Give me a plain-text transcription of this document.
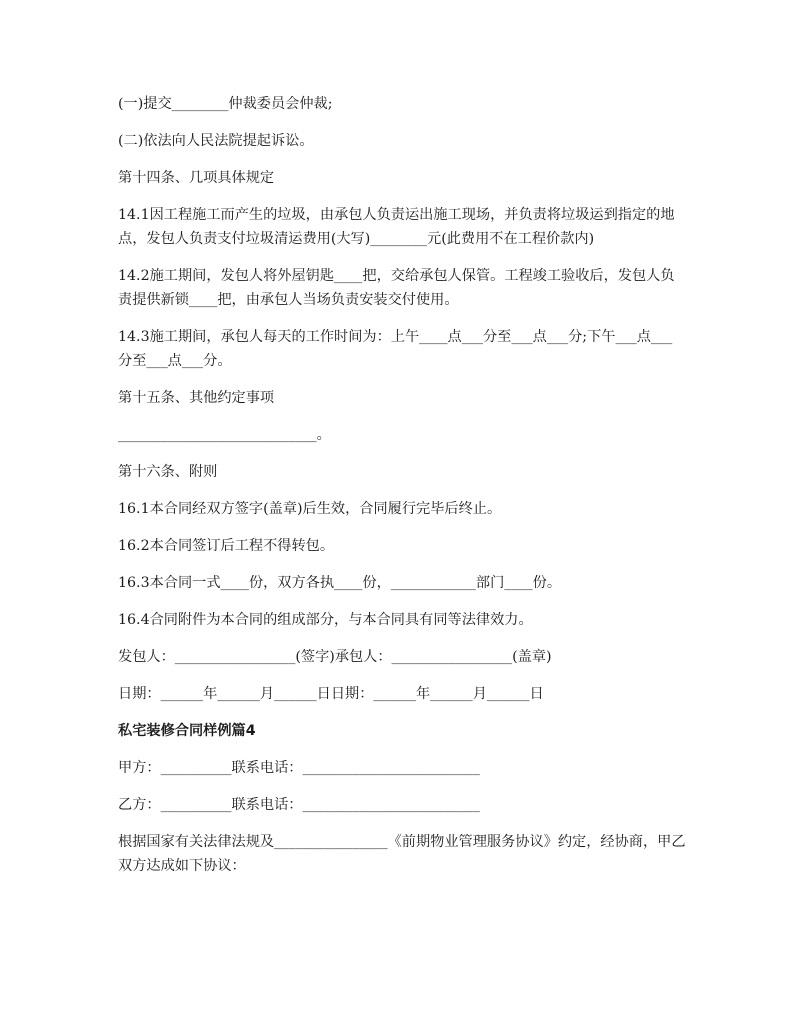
(一)提交________仲裁委员会仲裁;

(二)依法向人民法院提起诉讼。

第十四条、几项具体规定

14.1因工程施工而产生的垃圾，由承包人负责运出施工现场，并负责将垃圾运到指定的地点，发包人负责支付垃圾清运费用(大写)________元(此费用不在工程价款内)

14.2施工期间，发包人将外屋钥匙____把，交给承包人保管。工程竣工验收后，发包人负责提供新锁____把，由承包人当场负责安装交付使用。

14.3施工期间，承包人每天的工作时间为：上午____点___分至___点___分;下午___点___分至___点___分。

第十五条、其他约定事项

____________________________。

第十六条、附则

16.1本合同经双方签字(盖章)后生效，合同履行完毕后终止。

16.2本合同签订后工程不得转包。

16.3本合同一式____份，双方各执____份，____________部门____份。

16.4合同附件为本合同的组成部分，与本合同具有同等法律效力。

发包人：_________________(签字)承包人：_________________(盖章)

日期：______年______月______日日期：______年______月______日

私宅装修合同样例篇4

甲方：__________联系电话：_________________________

乙方：__________联系电话：_________________________

根据国家有关法律法规及________________《前期物业管理服务协议》约定，经协商，甲乙双方达成如下协议：
